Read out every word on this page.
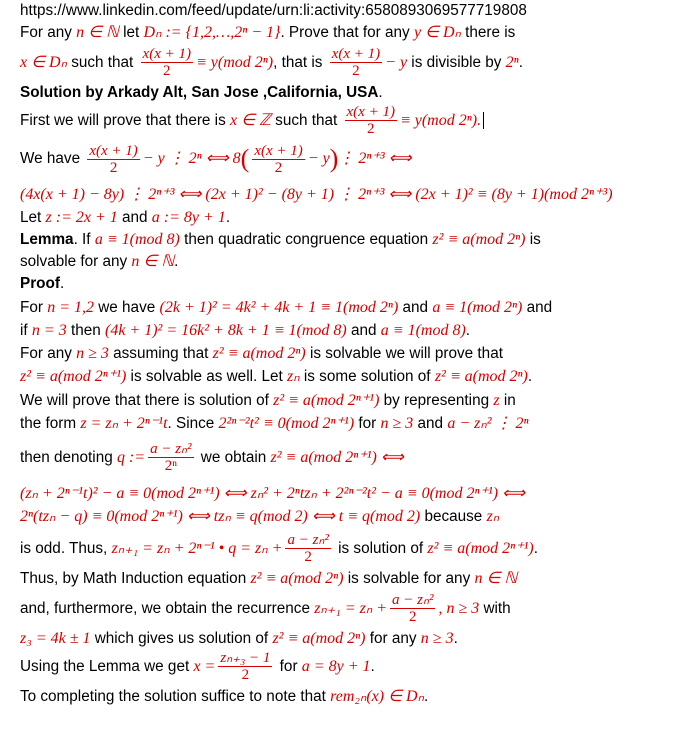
https://www.linkedin.com/feed/update/urn:li:activity:6580893069577719808
For any n ∈ ℕ let Dₙ := {1,2,…,2ⁿ − 1}. Prove that for any y ∈ Dₙ there is
x ∈ Dₙ such that $\frac{x(x + 1)}{2} \equiv y(mod$ 2ⁿ), that is $\frac{x(x + 1)}{2} - y$ is divisible by 2ⁿ.
Solution by Arkady Alt, San Jose ,California, USA.
First we will prove that there is x ∈ ℤ such that $\frac{x(x + 1)}{2} \equiv y(mod$ 2ⁿ).
We have $\frac{x(x + 1)}{2} - y$ ⋮ 2ⁿ ⟺ $8( \frac{x(x + 1)}{2}$ − y)⋮ 2ⁿ⁺³ ⟺
(4x(x + 1) − 8y) ⋮ 2ⁿ⁺³ ⟺ (2x + 1)² − (8y + 1) ⋮ 2ⁿ⁺³ ⟺ (2x + 1)² ≡ (8y + 1)(mod 2ⁿ⁺³)
Let z := 2x + 1 and a := 8y + 1.
Lemma. If a ≡ 1(mod 8) then quadratic congruence equation z² ≡ a(mod 2ⁿ) is
solvable for any n ∈ ℕ.
Proof.
For n = 1,2 we have (2k + 1)² = 4k² + 4k + 1 ≡ 1(mod 2ⁿ) and a ≡ 1(mod 2ⁿ) and
if n = 3 then (4k + 1)² = 16k² + 8k + 1 ≡ 1(mod 8) and a ≡ 1(mod 8).
For any n ≥ 3 assuming that z² ≡ a(mod 2ⁿ) is solvable we will prove that
z² ≡ a(mod 2ⁿ⁺¹) is solvable as well. Let zₙ is some solution of z² ≡ a(mod 2ⁿ).
We will prove that there is solution of z² ≡ a(mod 2ⁿ⁺¹) by representing z in
the form z = zₙ + 2ⁿ⁻¹t. Since 2²ⁿ⁻²t² ≡ 0(mod 2ⁿ⁺¹) for n ≥ 3 and a − zₙ² ⋮ 2ⁿ
then denoting q := $\frac{\text{a − zₙ²}}{\text{2ⁿ}}$ we obtain z² ≡ a(mod 2ⁿ⁺¹) ⟺
(zₙ + 2ⁿ⁻¹t)² − a ≡ 0(mod 2ⁿ⁺¹) ⟺ zₙ² + 2ⁿtzₙ + 2²ⁿ⁻²t² − a ≡ 0(mod 2ⁿ⁺¹) ⟺
2ⁿ(tzₙ − q) ≡ 0(mod 2ⁿ⁺¹) ⟺ tzₙ ≡ q(mod 2) ⟺ t ≡ q(mod 2) because zₙ
is odd. Thus, zₙ₊₁ = zₙ + 2ⁿ⁻¹ • $q = z_n + \frac{\text{a − zₙ²}}{2}$ is solution of z² ≡ a(mod 2ⁿ⁺¹).
Thus, by Math Induction equation z² ≡ a(mod 2ⁿ) is solvable for any n ∈ ℕ
and, furthermore, we obtain the recurrence $z_{n+1} = z_n + \frac{\text{a − zₙ²}}{2}$ , n ≥ 3 with
z₃ = 4k ± 1 which gives us solution of z² ≡ a(mod 2ⁿ) for any n ≥ 3.
Using the Lemma we get $x = \frac{\text{zₙ₊₃ − 1}}{2}$ for a = 8y + 1.
To completing the solution suffice to note that rem₂ₙ(x) ∈ Dₙ.
